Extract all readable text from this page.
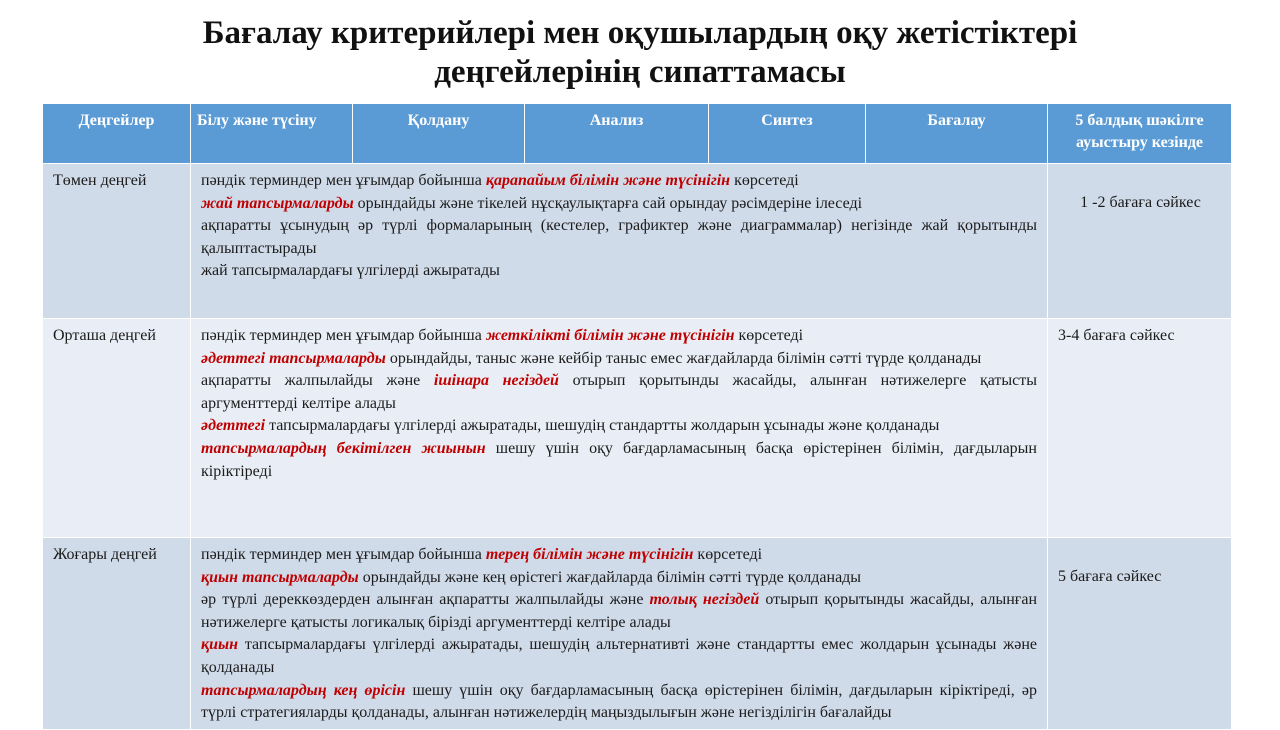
Бағалау критерийлері мен оқушылардың оқу жетістіктері
деңгейлерінің сипаттамасы
Деңгейлер	Білу және түсіну	Қолдану	Анализ	Синтез	Бағалау	5 балдық шәкілге ауыстыру кезінде
Төмен деңгей	пәндік терминдер мен ұғымдар бойынша қарапайым білімін және түсінігін көрсетеді
жай тапсырмаларды орындайды және тікелей нұсқаулықтарға сай орындау рәсімдеріне ілеседі
ақпаратты ұсынудың әр түрлі формаларының (кестелер, графиктер және диаграммалар) негізінде жай қорытынды қалыптастырады
жай тапсырмалардағы үлгілерді ажыратады					1 -2 бағаға сәйкес
Орташа деңгей	пәндік терминдер мен ұғымдар бойынша жеткілікті білімін және түсінігін көрсетеді
әдеттегі тапсырмаларды орындайды, таныс және кейбір таныс емес жағдайларда білімін сәтті түрде қолданады
ақпаратты жалпылайды және ішінара негіздей отырып қорытынды жасайды, алынған нәтижелерге қатысты аргументтерді келтіре алады
әдеттегі тапсырмалардағы үлгілерді ажыратады, шешудің стандартты жолдарын ұсынады және қолданады
тапсырмалардың бекітілген жиынын шешу үшін оқу бағдарламасының басқа өрістерінен білімін, дағдыларын кіріктіреді					3-4 бағаға сәйкес
Жоғары деңгей	пәндік терминдер мен ұғымдар бойынша терең білімін және түсінігін көрсетеді
қиын тапсырмаларды орындайды және кең өрістегі жағдайларда білімін сәтті түрде қолданады
әр түрлі дереккөздерден алынған ақпаратты жалпылайды және толық негіздей отырып қорытынды жасайды, алынған нәтижелерге қатысты логикалық бірізді аргументтерді келтіре алады
қиын тапсырмалардағы үлгілерді ажыратады, шешудің альтернативті және стандартты емес жолдарын ұсынады және қолданады
тапсырмалардың кең өрісін шешу үшін оқу бағдарламасының басқа өрістерінен білімін, дағдыларын кіріктіреді, әр түрлі стратегияларды қолданады, алынған нәтижелердің маңыздылығын және негізділігін бағалайды					5 бағаға сәйкес
